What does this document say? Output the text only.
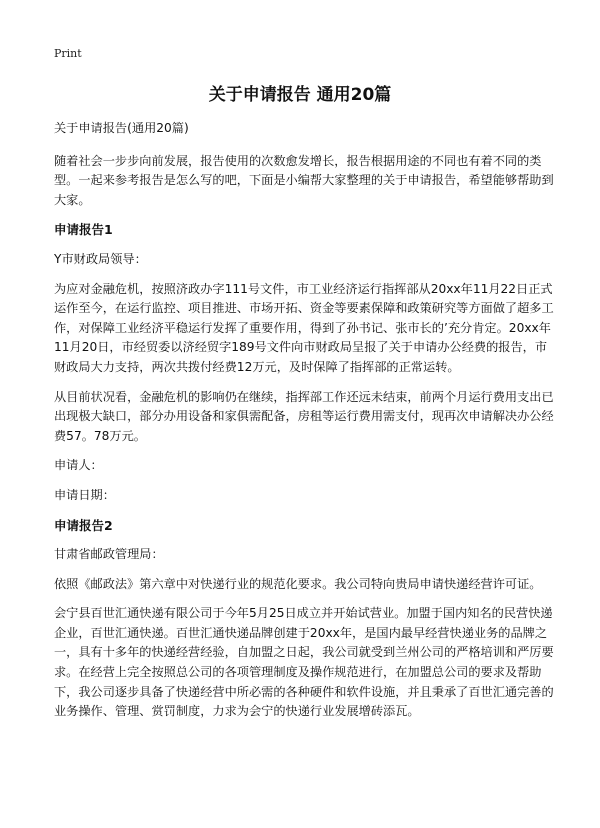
Print
关于申请报告 通用20篇

关于申请报告(通用20篇)

随着社会一步步向前发展，报告使用的次数愈发增长，报告根据用途的不同也有着不同的类型。一起来参考报告是怎么写的吧，下面是小编帮大家整理的关于申请报告，希望能够帮助到大家。

申请报告1

Y市财政局领导：

为应对金融危机，按照济政办字111号文件，市工业经济运行指挥部从20xx年11月22日正式运作至今，在运行监控、项目推进、市场开拓、资金等要素保障和政策研究等方面做了超多工作，对保障工业经济平稳运行发挥了重要作用，得到了孙书记、张市长的’充分肯定。20xx年11月20日，市经贸委以济经贸字189号文件向市财政局呈报了关于申请办公经费的报告，市财政局大力支持，两次共拨付经费12万元，及时保障了指挥部的正常运转。

从目前状况看，金融危机的影响仍在继续，指挥部工作还远未结束，前两个月运行费用支出已出现极大缺口，部分办用设备和家俱需配备，房租等运行费用需支付，现再次申请解决办公经费57。78万元。

申请人：

申请日期：

申请报告2

甘肃省邮政管理局：

依照《邮政法》第六章中对快递行业的规范化要求。我公司特向贵局申请快递经营许可证。

会宁县百世汇通快递有限公司于今年5月25日成立并开始试营业。加盟于国内知名的民营快递企业，百世汇通快递。百世汇通快递品牌创建于20xx年，是国内最早经营快递业务的品牌之一，具有十多年的快递经营经验，自加盟之日起，我公司就受到兰州公司的严格培训和严厉要求。在经营上完全按照总公司的各项管理制度及操作规范进行，在加盟总公司的要求及帮助下，我公司逐步具备了快递经营中所必需的各种硬件和软件设施，并且秉承了百世汇通完善的业务操作、管理、赏罚制度，力求为会宁的快递行业发展增砖添瓦。
